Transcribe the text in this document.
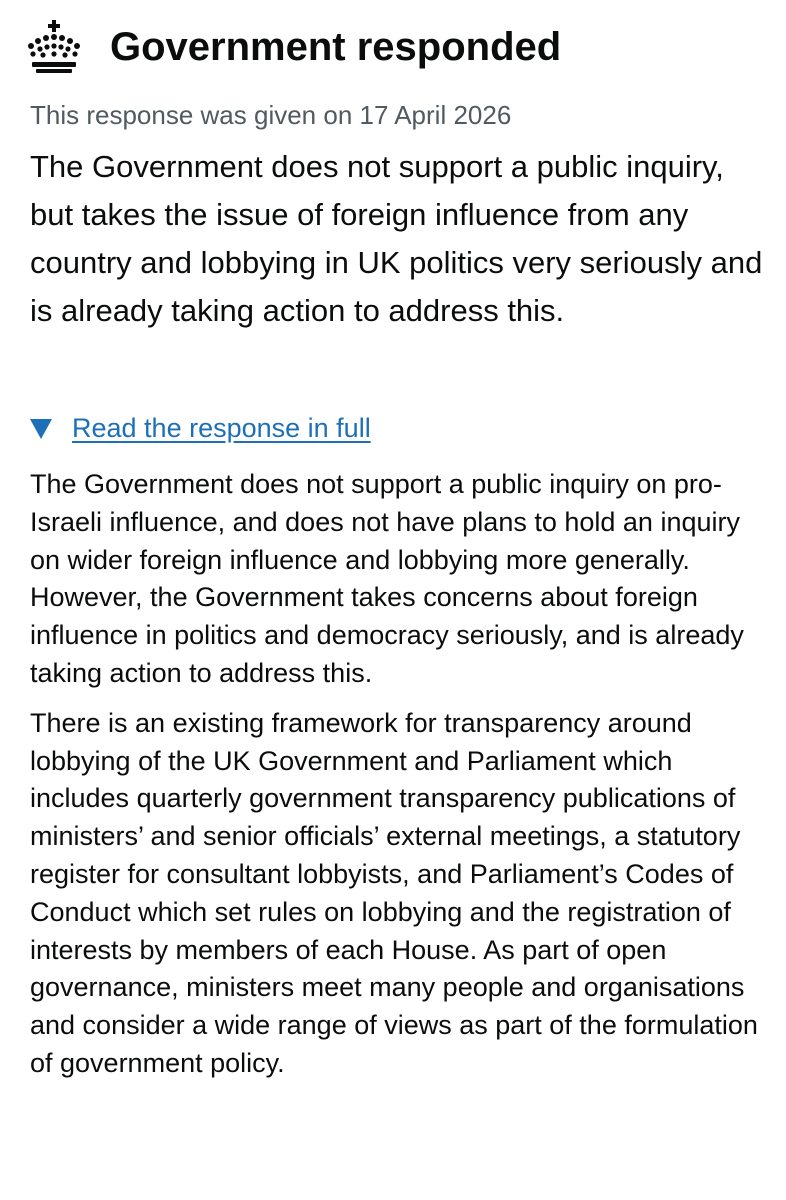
Government responded
This response was given on 17 April 2026

The Government does not support a public inquiry, but takes the issue of foreign influence from any country and lobbying in UK politics very seriously and is already taking action to address this.

Read the response in full

The Government does not support a public inquiry on pro-Israeli influence, and does not have plans to hold an inquiry on wider foreign influence and lobbying more generally. However, the Government takes concerns about foreign influence in politics and democracy seriously, and is already taking action to address this.

There is an existing framework for transparency around lobbying of the UK Government and Parliament which includes quarterly government transparency publications of ministers’ and senior officials’ external meetings, a statutory register for consultant lobbyists, and Parliament’s Codes of Conduct which set rules on lobbying and the registration of interests by members of each House. As part of open governance, ministers meet many people and organisations and consider a wide range of views as part of the formulation of government policy.
